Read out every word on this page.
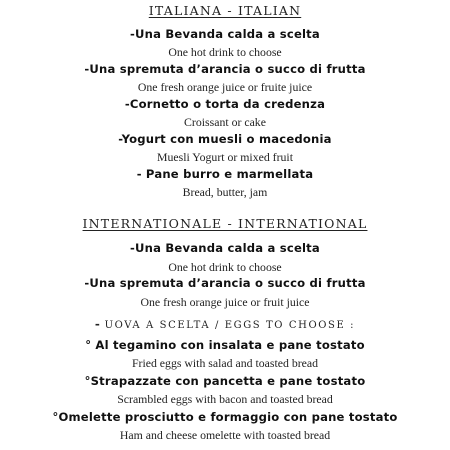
ITALIANA - ITALIAN
-Una Bevanda calda a scelta
One hot drink to choose
-Una spremuta d’arancia o succo di frutta
One fresh orange juice or fruite juice
-Cornetto o torta da credenza
Croissant or cake
-Yogurt con muesli o macedonia
Muesli Yogurt or mixed fruit
- Pane burro e marmellata
Bread, butter, jam
INTERNATIONALE - INTERNATIONAL
-Una Bevanda calda a scelta
One hot drink to choose
-Una spremuta d’arancia o succo di frutta
One fresh orange juice or fruit juice
- UOVA A SCELTA / EGGS TO CHOOSE :
° Al tegamino con insalata e pane tostato
Fried eggs with salad and toasted bread
°Strapazzate con pancetta e pane tostato
Scrambled eggs with bacon and toasted bread
°Omelette prosciutto e formaggio con pane tostato
Ham and cheese omelette with toasted bread
